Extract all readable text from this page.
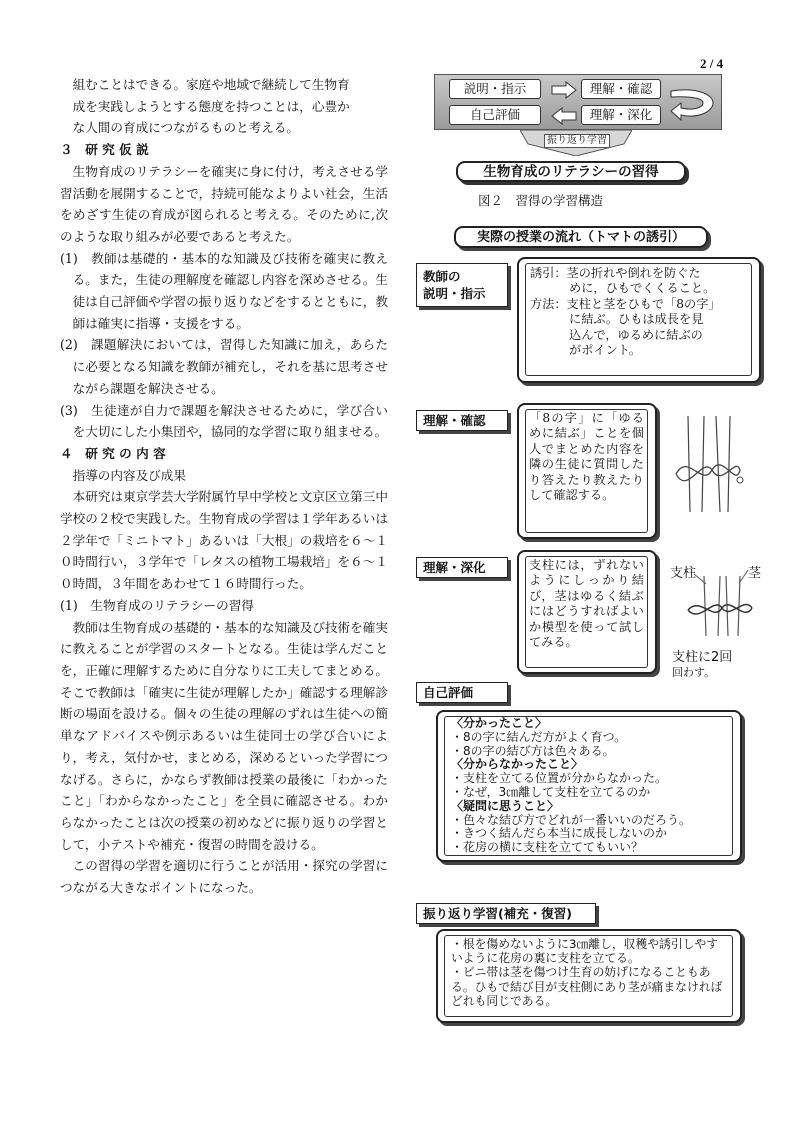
2 / 4

組むことはできる。家庭や地域で継続して生物育

成を実践しようとする態度を持つことは，心豊か

な人間の育成につながるものと考える。

３　研 究 仮 説

生物育成のリテラシーを確実に身に付け，考えさせる学習活動を展開することで，持続可能なよりよい社会，生活をめざす生徒の育成が図られると考える。そのために,次のような取り組みが必要であると考えた。

(1)　教師は基礎的・基本的な知識及び技術を確実に教える。また，生徒の理解度を確認し内容を深めさせる。生徒は自己評価や学習の振り返りなどをするとともに，教師は確実に指導・支援をする。

(2)　課題解決においては，習得した知識に加え，あらたに必要となる知識を教師が補充し，それを基に思考させながら課題を解決させる。

(3)　生徒達が自力で課題を解決させるために，学び合いを大切にした小集団や，協同的な学習に取り組ませる。

４　研 究 の 内 容

指導の内容及び成果

本研究は東京学芸大学附属竹早中学校と文京区立第三中学校の２校で実践した。生物育成の学習は１学年あるいは２学年で「ミニトマト」あるいは「大根」の栽培を６～１０時間行い，３学年で「レタスの植物工場栽培」を６～１０時間，３年間をあわせて１６時間行った。

(1)　生物育成のリテラシーの習得

教師は生物育成の基礎的・基本的な知識及び技術を確実に教えることが学習のスタートとなる。生徒は学んだことを，正確に理解するために自分なりに工夫してまとめる。そこで教師は「確実に生徒が理解したか」確認する理解診断の場面を設ける。個々の生徒の理解のずれは生徒への簡単なアドバイスや例示あるいは生徒同士の学び合いにより，考え，気付かせ，まとめる，深めるといった学習につなげる。さらに，かならず教師は授業の最後に「わかったこと」「わからなかったこと」を全員に確認させる。わからなかったことは次の授業の初めなどに振り返りの学習として，小テストや補充・復習の時間を設ける。

この習得の学習を適切に行うことが活用・探究の学習につながる大きなポイントになった。

説明・指示	理解・確認
自己評価	理解・深化
振り返り学習
生物育成のリテラシーの習得
図２　習得の学習構造
実際の授業の流れ（トマトの誘引）
教師の
説明・指示
誘引：茎の折れや倒れを防ぐた
めに，ひもでくくること。
方法：支柱と茎をひもで「8の字」
に結ぶ。ひもは成長を見
込んで，ゆるめに結ぶの
がポイント。
理解・確認	「8の字」に「ゆるめに結ぶ」ことを個人でまとめた内容を隣の生徒に質問したり答えたり教えたりして確認する。
理解・深化	支柱には，ずれないようにしっかり結び，茎はゆるく結ぶにはどうすればよいか模型を使って試してみる。
支柱	茎
支柱に2回
回わす。
自己評価
〈分かったこと〉
・8の字に結んだ方がよく育つ。
・8の字の結び方は色々ある。
〈分からなかったこと〉
・支柱を立てる位置が分からなかった。
・なぜ，3㎝離して支柱を立てるのか
〈疑問に思うこと〉
・色々な結び方でどれが一番いいのだろう。
・きつく結んだら本当に成長しないのか
・花房の横に支柱を立ててもいい？
振り返り学習(補充・復習)
・根を傷めないように3㎝離し，収穫や誘引しやすいように花房の裏に支柱を立てる。
・ビニ帯は茎を傷つけ生育の妨げになることもある。ひもで結び目が支柱側にあり茎が痛まなければどれも同じである。
